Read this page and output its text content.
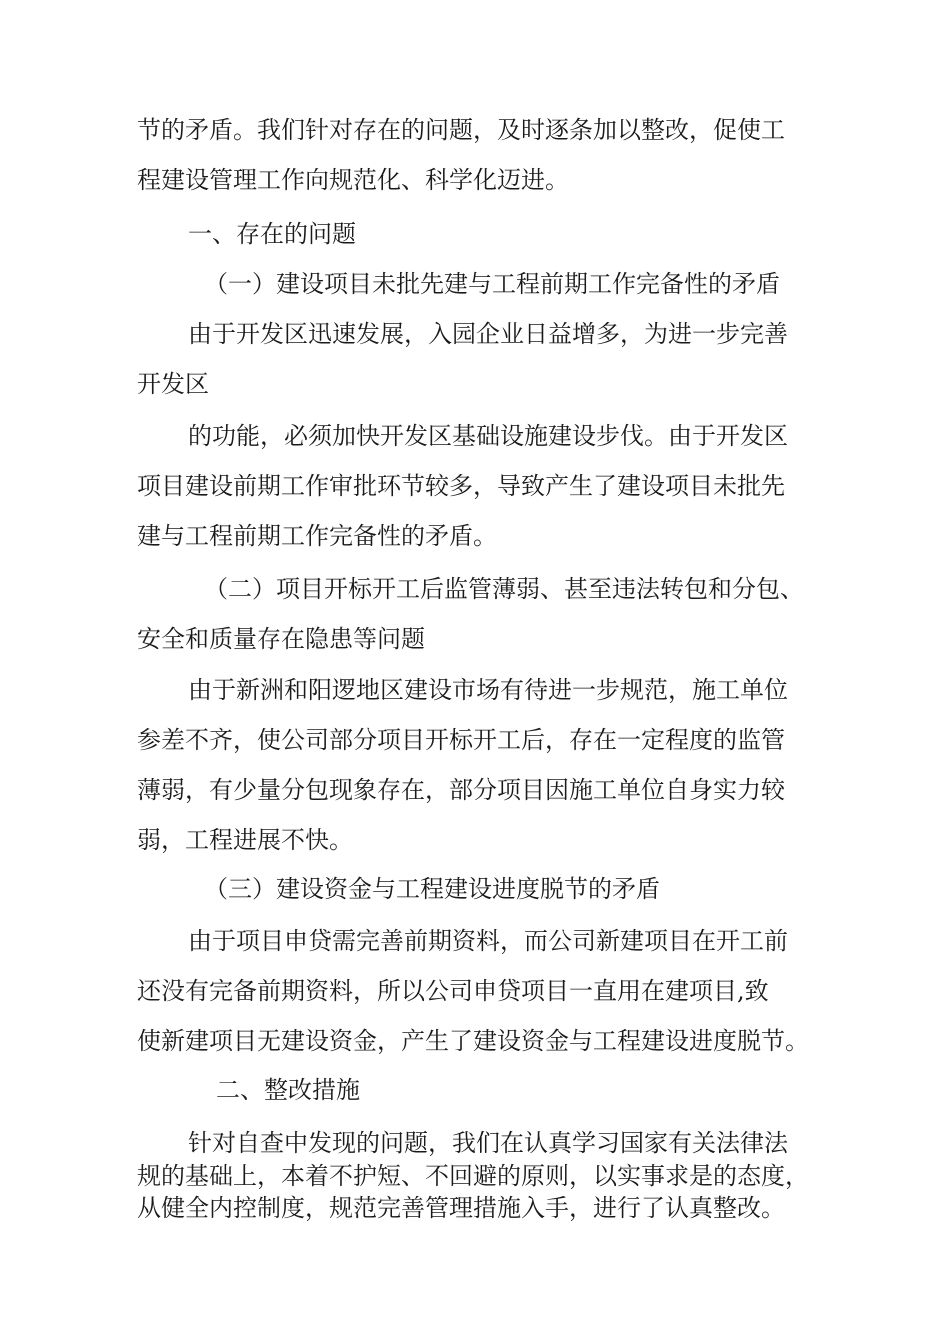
节的矛盾。我们针对存在的问题，及时逐条加以整改，促使工

程建设管理工作向规范化、科学化迈进。

一、存在的问题

（一）建设项目未批先建与工程前期工作完备性的矛盾

由于开发区迅速发展，入园企业日益增多，为进一步完善

开发区

的功能，必须加快开发区基础设施建设步伐。由于开发区

项目建设前期工作审批环节较多，导致产生了建设项目未批先

建与工程前期工作完备性的矛盾。

（二）项目开标开工后监管薄弱、甚至违法转包和分包、

安全和质量存在隐患等问题

由于新洲和阳逻地区建设市场有待进一步规范，施工单位

参差不齐，使公司部分项目开标开工后，存在一定程度的监管

薄弱，有少量分包现象存在，部分项目因施工单位自身实力较

弱，工程进展不快。

（三）建设资金与工程建设进度脱节的矛盾

由于项目申贷需完善前期资料，而公司新建项目在开工前

还没有完备前期资料，所以公司申贷项目一直用在建项目,致

使新建项目无建设资金，产生了建设资金与工程建设进度脱节。

二、整改措施

针对自查中发现的问题，我们在认真学习国家有关法律法

规的基础上，本着不护短、不回避的原则，以实事求是的态度，

从健全内控制度，规范完善管理措施入手，进行了认真整改。
